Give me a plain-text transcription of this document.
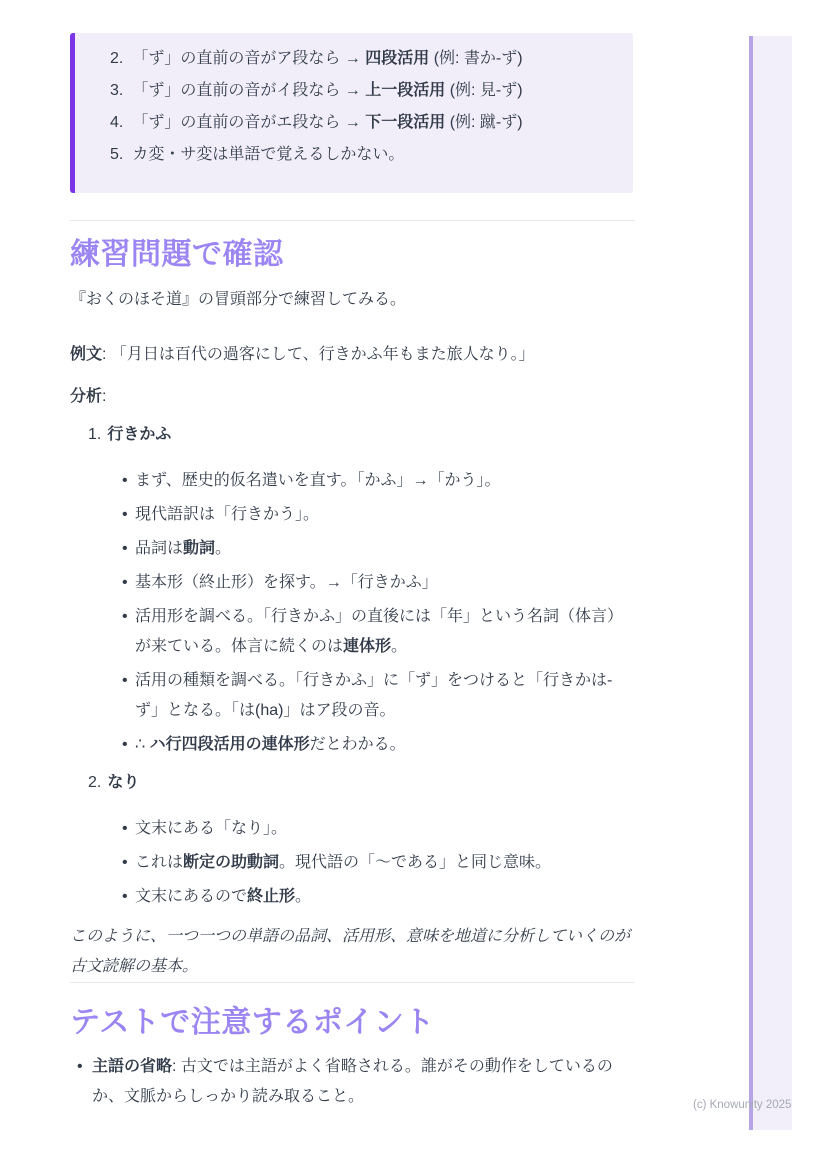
2. 「ず」の直前の音がア段なら → 四段活用 (例: 書か-ず)
3. 「ず」の直前の音がイ段なら → 上一段活用 (例: 見-ず)
4. 「ず」の直前の音がエ段なら → 下一段活用 (例: 蹴-ず)
5. カ変・サ変は単語で覚えるしかない。
練習問題で確認

『おくのほそ道』の冒頭部分で練習してみる。

例文: 「月日は百代の過客にして、行きかふ年もまた旅人なり。」

分析:

1. 行きかふ
• まず、歴史的仮名遣いを直す。「かふ」→「かう」。
• 現代語訳は「行きかう」。
• 品詞は動詞。
• 基本形（終止形）を探す。→「行きかふ」
• 活用形を調べる。「行きかふ」の直後には「年」という名詞（体言）が来ている。体言に続くのは連体形。
• 活用の種類を調べる。「行きかふ」に「ず」をつけると「行きかは-ず」となる。「は(ha)」はア段の音。
• ∴ ハ行四段活用の連体形だとわかる。
2. なり
• 文末にある「なり」。
• これは断定の助動詞。現代語の「〜である」と同じ意味。
• 文末にあるので終止形。

このように、一つ一つの単語の品詞、活用形、意味を地道に分析していくのが古文読解の基本。

テストで注意するポイント
• 主語の省略: 古文では主語がよく省略される。誰がその動作をしているのか、文脈からしっかり読み取ること。	(c) Knowunity 2025
